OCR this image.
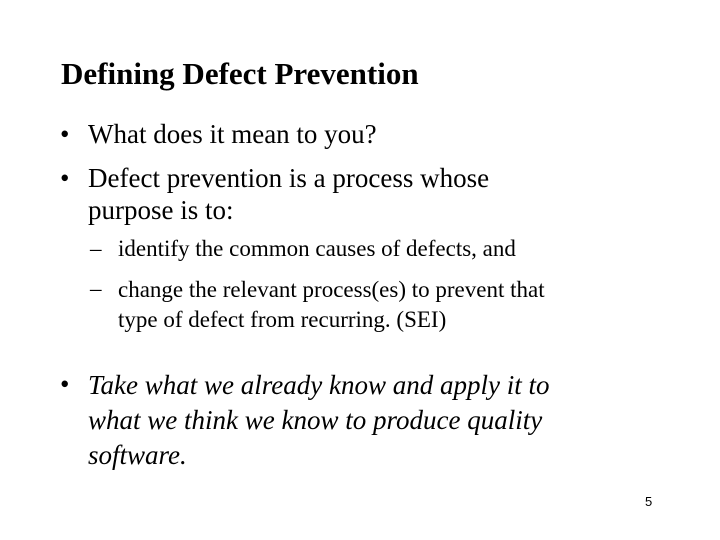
Defining Defect Prevention
• What does it mean to you?
• Defect prevention is a process whose
purpose is to:
– identify the common causes of defects, and
– change the relevant process(es) to prevent that
type of defect from recurring. (SEI)
• Take what we already know and apply it to
what we think we know to produce quality
software.
5
